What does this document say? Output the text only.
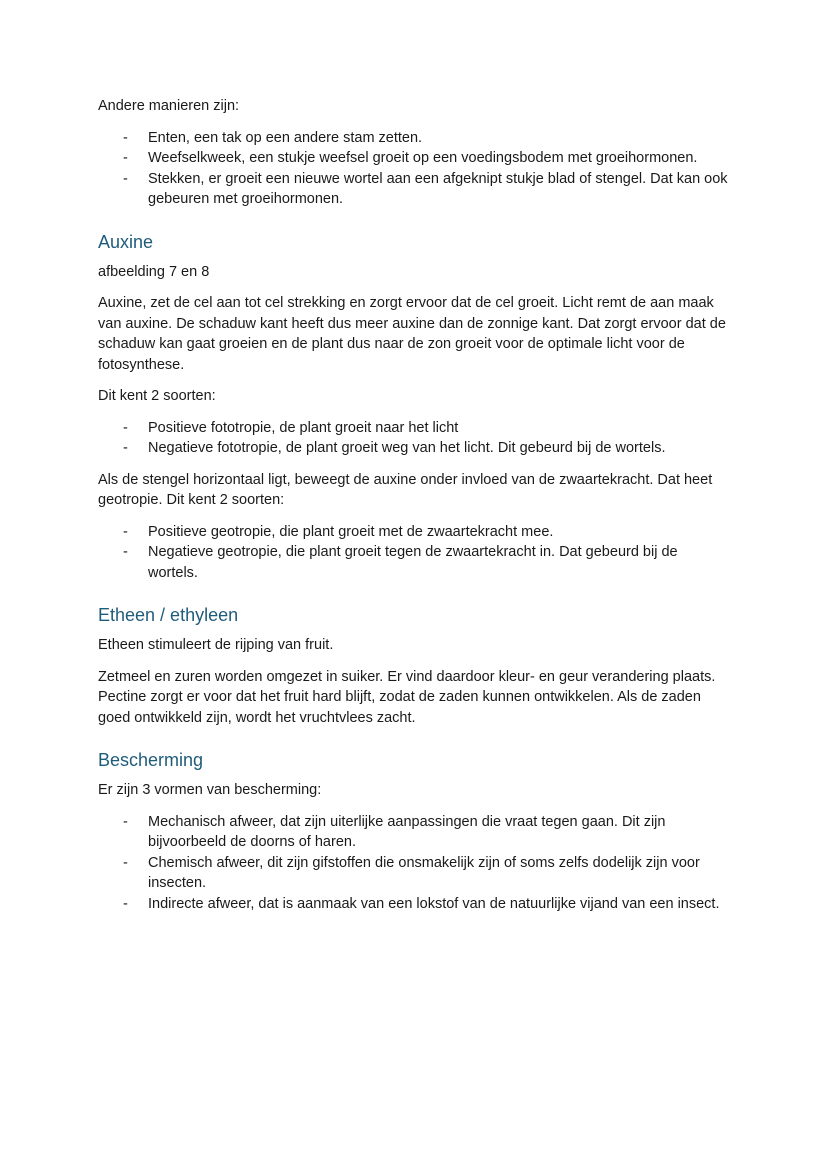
Andere manieren zijn:

- Enten, een tak op een andere stam zetten.
- Weefselkweek, een stukje weefsel groeit op een voedingsbodem met groeihormonen.
- Stekken, er groeit een nieuwe wortel aan een afgeknipt stukje blad of stengel. Dat kan ook gebeuren met groeihormonen.
Auxine

afbeelding 7 en 8

Auxine, zet de cel aan tot cel strekking en zorgt ervoor dat de cel groeit. Licht remt de aan maak van auxine. De schaduw kant heeft dus meer auxine dan de zonnige kant. Dat zorgt ervoor dat de schaduw kan gaat groeien en de plant dus naar de zon groeit voor de optimale licht voor de fotosynthese.

Dit kent 2 soorten:

- Positieve fototropie, de plant groeit naar het licht
- Negatieve fototropie, de plant groeit weg van het licht. Dit gebeurd bij de wortels.

Als de stengel horizontaal ligt, beweegt de auxine onder invloed van de zwaartekracht. Dat heet geotropie. Dit kent 2 soorten:

- Positieve geotropie, die plant groeit met de zwaartekracht mee.
- Negatieve geotropie, die plant groeit tegen de zwaartekracht in. Dat gebeurd bij de wortels.
Etheen / ethyleen

Etheen stimuleert de rijping van fruit.

Zetmeel en zuren worden omgezet in suiker. Er vind daardoor kleur- en geur verandering plaats. Pectine zorgt er voor dat het fruit hard blijft, zodat de zaden kunnen ontwikkelen. Als de zaden goed ontwikkeld zijn, wordt het vruchtvlees zacht.

Bescherming

Er zijn 3 vormen van bescherming:

- Mechanisch afweer, dat zijn uiterlijke aanpassingen die vraat tegen gaan. Dit zijn bijvoorbeeld de doorns of haren.
- Chemisch afweer, dit zijn gifstoffen die onsmakelijk zijn of soms zelfs dodelijk zijn voor insecten.
- Indirecte afweer, dat is aanmaak van een lokstof van de natuurlijke vijand van een insect.
